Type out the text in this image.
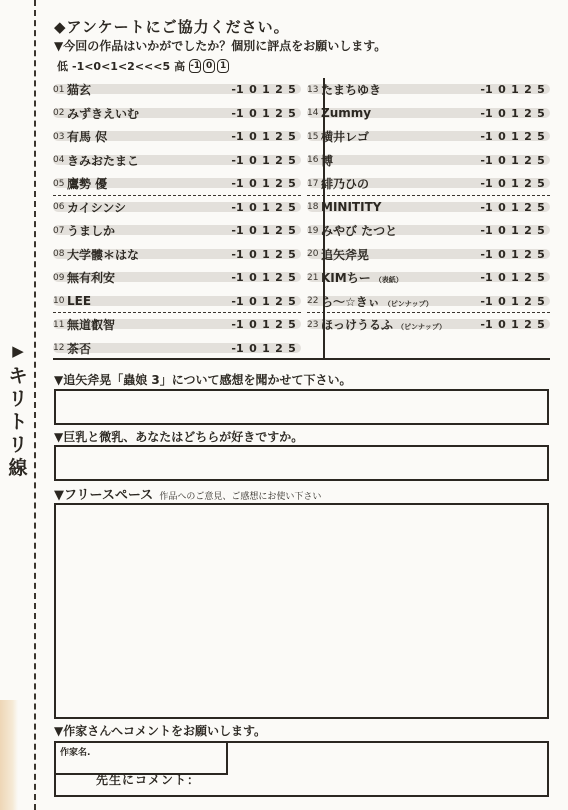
▶
キ
リ
ト
リ
線
◆アンケートにご協力ください。
▼今回の作品はいかがでしたか？個別に評点をお願いします。
低 -1<0<1<2<<<5 高 -1 0 1
01 猫玄	- 1 0 1 2 5
02 みずきえいむ	- 1 0 1 2 5
03 有馬 侭	- 1 0 1 2 5
04 きみおたまこ	- 1 0 1 2 5
05 鷹勢 優	- 1 0 1 2 5
06 カイシンシ	- 1 0 1 2 5
07 うましか	- 1 0 1 2 5
08 大学髏＊はな	- 1 0 1 2 5
09 無有利安	- 1 0 1 2 5
10 LEE	- 1 0 1 2 5
11 無道叡智	- 1 0 1 2 5
12 茶否	- 1 0 1 2 5
13 たまちゆき	- 1 0 1 2 5
14 Zummy	- 1 0 1 2 5
15 横井レゴ	- 1 0 1 2 5
16 博	- 1 0 1 2 5
17 緋乃ひの	- 1 0 1 2 5
18 MINITITY	- 1 0 1 2 5
19 みやび たつと	- 1 0 1 2 5
20 追矢斧晃	- 1 0 1 2 5
21 KIMちー （表紙）	- 1 0 1 2 5
22 ら～☆きぃ （ピンナップ）	- 1 0 1 2 5
23 ほっけうるふ （ピンナップ）	- 1 0 1 2 5
▼追矢斧晃「蟲娘 3」について感想を聞かせて下さい。
▼巨乳と微乳、あなたはどちらが好きですか。
▼フリースペース 作品へのご意見、ご感想にお使い下さい
▼作家さんへコメントをお願いします。
作家名.
先生にコメント：
